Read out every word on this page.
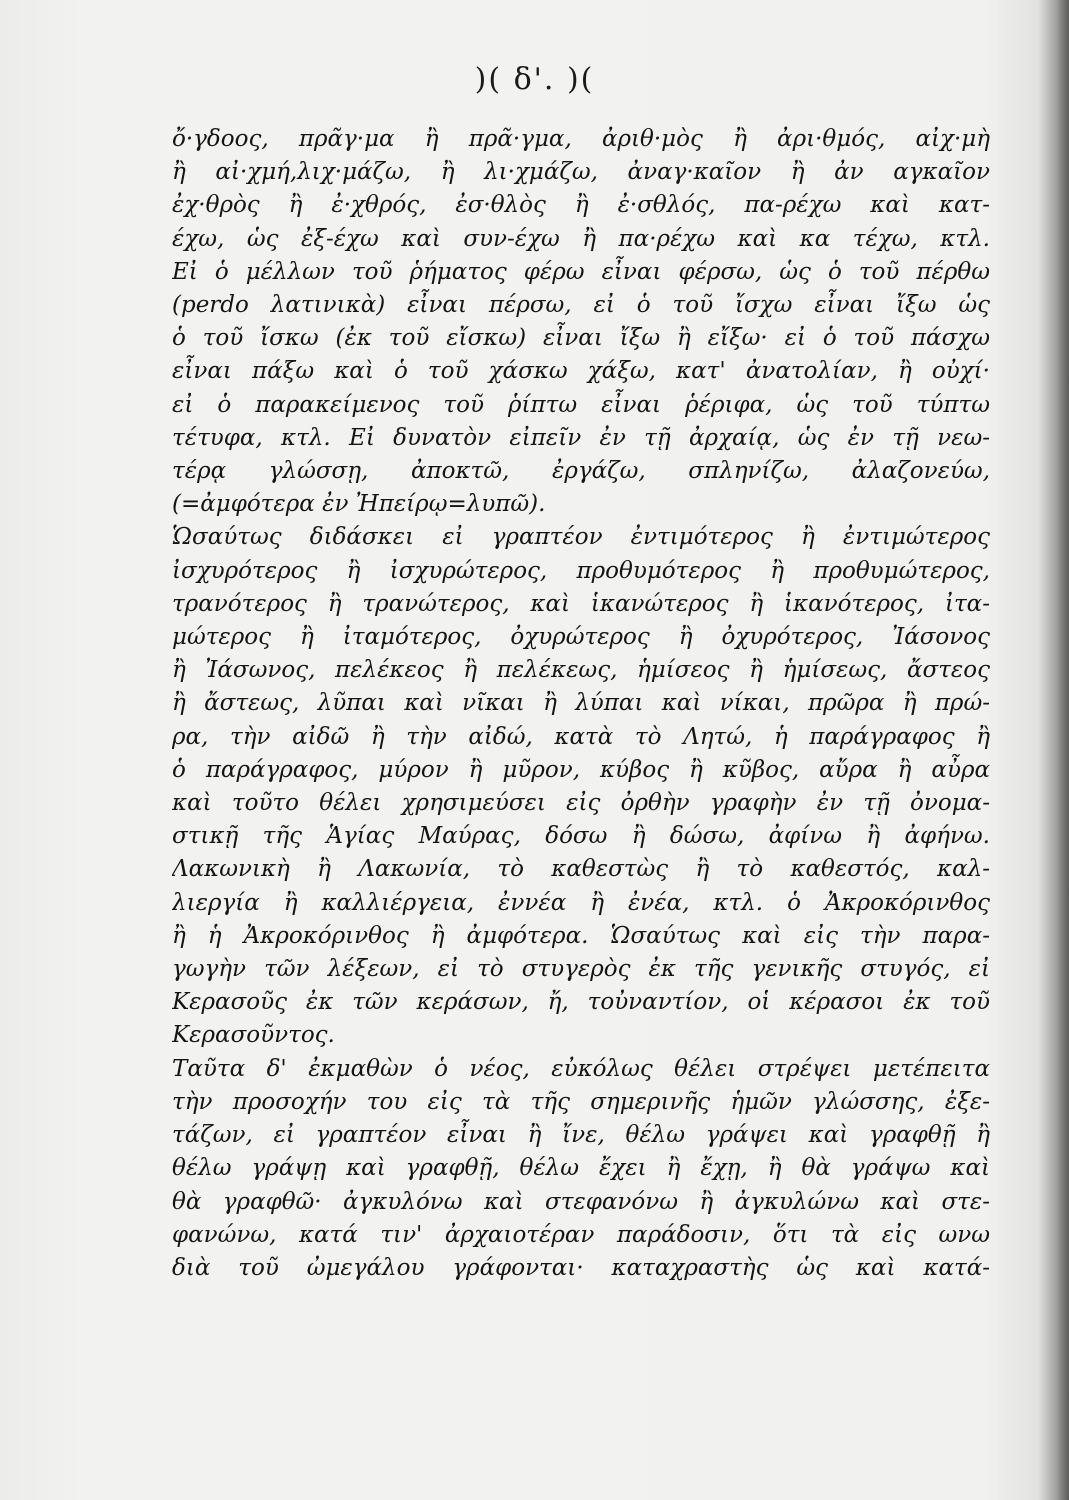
)( δ'. )(
ὄ·γδοος, πρᾶγ·μα ἢ πρᾶ·γμα, ἀριθ·μὸς ἢ ἀρι·θμός, αἰχ·μὴ
ἢ αἰ·χμή,λιχ·μάζω, ἢ λι·χμάζω, ἀναγ·καῖον ἢ ἀν αγκαῖον
ἐχ·θρὸς ἢ ἐ·χθρός, ἐσ·θλὸς ἢ ἐ·σθλός, πα-ρέχω καὶ κατ-
έχω, ὡς ἐξ-έχω καὶ συν-έχω ἢ πα·ρέχω καὶ κα τέχω, κτλ.
Εἰ ὁ μέλλων τοῦ ῥήματος φέρω εἶναι φέρσω, ὡς ὁ τοῦ πέρθω
(perdo λατινικὰ) εἶναι πέρσω, εἰ ὁ τοῦ ἴσχω εἶναι ἴξω ὡς
ὁ τοῦ ἴσκω (ἐκ τοῦ εἴσκω) εἶναι ἴξω ἢ εἴξω· εἰ ὁ τοῦ πάσχω
εἶναι πάξω καὶ ὁ τοῦ χάσκω χάξω, κατ' ἀνατολίαν, ἢ οὐχί·
εἰ ὁ παρακείμενος τοῦ ῥίπτω εἶναι ῥέριφα, ὡς τοῦ τύπτω
τέτυφα, κτλ. Εἰ δυνατὸν εἰπεῖν ἐν τῇ ἀρχαίᾳ, ὡς ἐν τῇ νεω-
τέρᾳ γλώσσῃ, ἀποκτῶ, ἐργάζω, σπληνίζω, ἀλαζονεύω,
(=ἀμφότερα ἐν Ἠπείρῳ=λυπῶ).
Ὡσαύτως διδάσκει εἰ γραπτέον ἐντιμότερος ἢ ἐντιμώτερος
ἰσχυρότερος ἢ ἰσχυρώτερος, προθυμότερος ἢ προθυμώτερος,
τρανότερος ἢ τρανώτερος, καὶ ἱκανώτερος ἢ ἱκανότερος, ἰτα-
μώτερος ἢ ἰταμότερος, ὀχυρώτερος ἢ ὀχυρότερος, Ἰάσονος
ἢ Ἰάσωνος, πελέκεος ἢ πελέκεως, ἡμίσεος ἢ ἡμίσεως, ἄστεος
ἢ ἄστεως, λῦπαι καὶ νῖκαι ἢ λύπαι καὶ νίκαι, πρῶρα ἢ πρώ-
ρα, τὴν αἰδῶ ἢ τὴν αἰδώ, κατὰ τὸ Λητώ, ἡ παράγραφος ἢ
ὁ παράγραφος, μύρον ἢ μῦρον, κύβος ἢ κῦβος, αὔρα ἢ αὖρα
καὶ τοῦτο θέλει χρησιμεύσει εἰς ὀρθὴν γραφὴν ἐν τῇ ὀνομα-
στικῇ τῆς Ἁγίας Μαύρας, δόσω ἢ δώσω, ἀφίνω ἢ ἀφήνω.
Λακωνικὴ ἢ Λακωνία, τὸ καθεστὼς ἢ τὸ καθεστός, καλ-
λιεργία ἢ καλλιέργεια, ἐννέα ἢ ἐνέα, κτλ. ὁ Ἀκροκόρινθος
ἢ ἡ Ἀκροκόρινθος ἢ ἀμφότερα. Ὡσαύτως καὶ εἰς τὴν παρα-
γωγὴν τῶν λέξεων, εἰ τὸ στυγερὸς ἐκ τῆς γενικῆς στυγός, εἰ
Κερασοῦς ἐκ τῶν κεράσων, ἤ, τοὐναντίον, οἱ κέρασοι ἐκ τοῦ
Κερασοῦντος.
Ταῦτα δ' ἐκμαθὼν ὁ νέος, εὐκόλως θέλει στρέψει μετέπειτα
τὴν προσοχήν του εἰς τὰ τῆς σημερινῆς ἡμῶν γλώσσης, ἐξε-
τάζων, εἰ γραπτέον εἶναι ἢ ἴνε, θέλω γράψει καὶ γραφθῇ ἢ
θέλω γράψῃ καὶ γραφθῇ, θέλω ἔχει ἢ ἔχῃ, ἢ θὰ γράψω καὶ
θὰ γραφθῶ· ἀγκυλόνω καὶ στεφανόνω ἢ ἀγκυλώνω καὶ στε-
φανώνω, κατά τιν' ἀρχαιοτέραν παράδοσιν, ὅτι τὰ εἰς ωνω
διὰ τοῦ ὠμεγάλου γράφονται· καταχραστὴς ὡς καὶ κατά-
